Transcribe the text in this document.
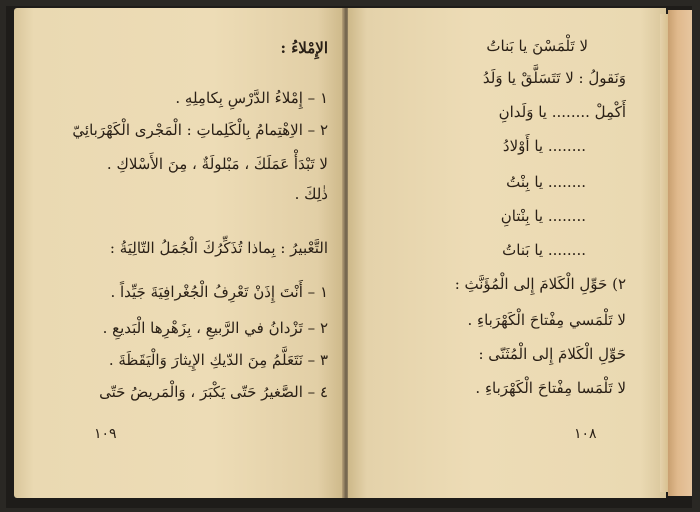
الإِمْلاءُ :
١ – إِمْلاءُ الدَّرْسِ بِكامِلِهِ .
٢ – الاِهْتِمامُ بِالْكَلِماتِ : الْمَجْرى الْكَهْرَبائِيّ
لا تَبْدَأْ عَمَلَكَ ، مَبْلولَةٌ ، مِنَ الأَسْلاكِ .
ذٰلِكَ .
التَّعْبيرُ : بِماذا تُذَكِّرُكَ الْجُمَلُ التّالِيَةُ :
١ – أَنْتَ إِذَنْ تَعْرِفُ الْجُغْرافِيَةَ جَيِّداً .
٢ – تَزْدانُ في الرَّبيعِ ، بِزَهْرِها الْبَديعِ .
٣ – نَتَعَلَّمُ مِنَ الدّيكِ الإِيثارَ وَالْيَقَظَةَ .
٤ – الصَّغيرُ حَتّى يَكْبَرَ ، وَالْمَريضُ حَتّى
١٠٩
لا تَلْمَسْنَ يا بَناتُ
وَنَقولُ : لا تَتَسَلَّقْ يا وَلَدُ
أَكْمِلْ ........ يا وَلَدانِ
........ يا أَوْلادُ
........ يا بِنْتُ
........ يا بِنْتانِ
........ يا بَناتُ
٢) حَوِّلِ الْكَلامَ إِلى الْمُؤَنَّثِ :
لا تَلْمَسي مِفْتاحَ الْكَهْرَباءِ .
حَوِّلِ الْكَلامَ إِلى الْمُثَنّى :
لا تَلْمَسا مِفْتاحَ الْكَهْرَباءِ .
١٠٨
